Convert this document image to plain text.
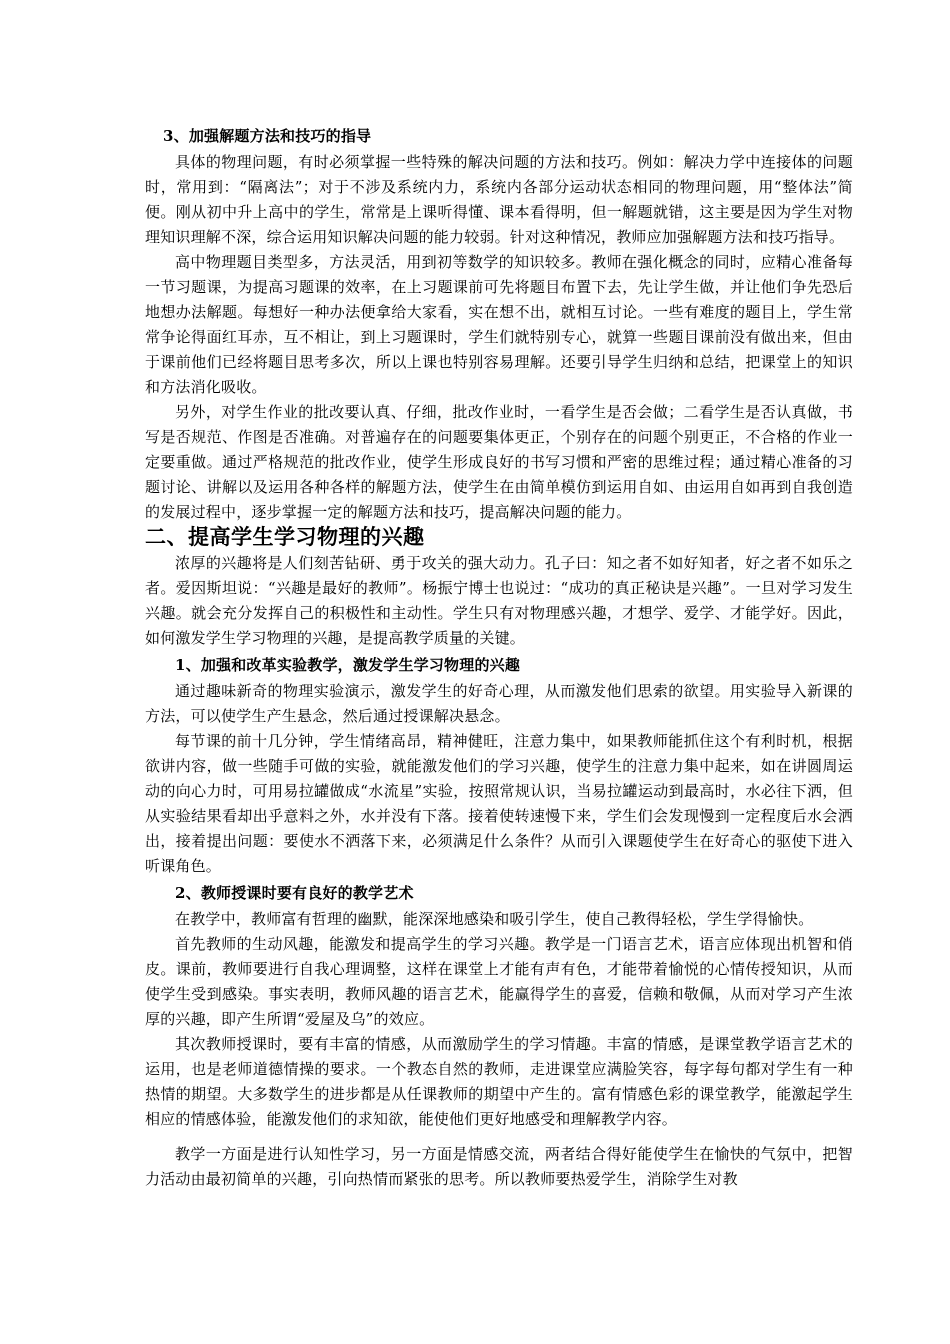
3、加强解题方法和技巧的指导

具体的物理问题，有时必须掌握一些特殊的解决问题的方法和技巧。例如：解决力学中连接体的问题时，常用到：“隔离法”；对于不涉及系统内力，系统内各部分运动状态相同的物理问题，用“整体法”简便。刚从初中升上高中的学生，常常是上课听得懂、课本看得明，但一解题就错，这主要是因为学生对物理知识理解不深，综合运用知识解决问题的能力较弱。针对这种情况，教师应加强解题方法和技巧指导。

高中物理题目类型多，方法灵活，用到初等数学的知识较多。教师在强化概念的同时，应精心准备每一节习题课，为提高习题课的效率，在上习题课前可先将题目布置下去，先让学生做，并让他们争先恐后地想办法解题。每想好一种办法便拿给大家看，实在想不出，就相互讨论。一些有难度的题目上，学生常常争论得面红耳赤，互不相让，到上习题课时，学生们就特别专心，就算一些题目课前没有做出来，但由于课前他们已经将题目思考多次，所以上课也特别容易理解。还要引导学生归纳和总结，把课堂上的知识和方法消化吸收。

另外，对学生作业的批改要认真、仔细，批改作业时，一看学生是否会做；二看学生是否认真做，书写是否规范、作图是否准确。对普遍存在的问题要集体更正，个别存在的问题个别更正，不合格的作业一定要重做。通过严格规范的批改作业，使学生形成良好的书写习惯和严密的思维过程；通过精心准备的习题讨论、讲解以及运用各种各样的解题方法，使学生在由简单模仿到运用自如、由运用自如再到自我创造的发展过程中，逐步掌握一定的解题方法和技巧，提高解决问题的能力。

二、提高学生学习物理的兴趣

浓厚的兴趣将是人们刻苦钻研、勇于攻关的强大动力。孔子曰：知之者不如好知者，好之者不如乐之者。爱因斯坦说：“兴趣是最好的教师”。杨振宁博士也说过：“成功的真正秘诀是兴趣”。一旦对学习发生兴趣。就会充分发挥自己的积极性和主动性。学生只有对物理感兴趣，才想学、爱学、才能学好。因此，如何激发学生学习物理的兴趣，是提高教学质量的关键。

1、加强和改革实验教学，激发学生学习物理的兴趣

通过趣味新奇的物理实验演示，激发学生的好奇心理，从而激发他们思索的欲望。用实验导入新课的方法，可以使学生产生悬念，然后通过授课解决悬念。

每节课的前十几分钟，学生情绪高昂，精神健旺，注意力集中，如果教师能抓住这个有利时机，根据欲讲内容，做一些随手可做的实验，就能激发他们的学习兴趣，使学生的注意力集中起来，如在讲圆周运动的向心力时，可用易拉罐做成“水流星”实验，按照常规认识，当易拉罐运动到最高时，水必往下洒，但从实验结果看却出乎意料之外，水并没有下落。接着使转速慢下来，学生们会发现慢到一定程度后水会洒出，接着提出问题：要使水不洒落下来，必须满足什么条件？从而引入课题使学生在好奇心的驱使下进入听课角色。

2、教师授课时要有良好的教学艺术

在教学中，教师富有哲理的幽默，能深深地感染和吸引学生，使自己教得轻松，学生学得愉快。

首先教师的生动风趣，能激发和提高学生的学习兴趣。教学是一门语言艺术，语言应体现出机智和俏皮。课前，教师要进行自我心理调整，这样在课堂上才能有声有色，才能带着愉悦的心情传授知识，从而使学生受到感染。事实表明，教师风趣的语言艺术，能赢得学生的喜爱，信赖和敬佩，从而对学习产生浓厚的兴趣，即产生所谓“爱屋及乌”的效应。

其次教师授课时，要有丰富的情感，从而激励学生的学习情趣。丰富的情感，是课堂教学语言艺术的运用，也是老师道德情操的要求。一个教态自然的教师，走进课堂应满脸笑容，每字每句都对学生有一种热情的期望。大多数学生的进步都是从任课教师的期望中产生的。富有情感色彩的课堂教学，能激起学生相应的情感体验，能激发他们的求知欲，能使他们更好地感受和理解教学内容。

教学一方面是进行认知性学习，另一方面是情感交流，两者结合得好能使学生在愉快的气氛中，把智力活动由最初简单的兴趣，引向热情而紧张的思考。所以教师要热爱学生，消除学生对教
